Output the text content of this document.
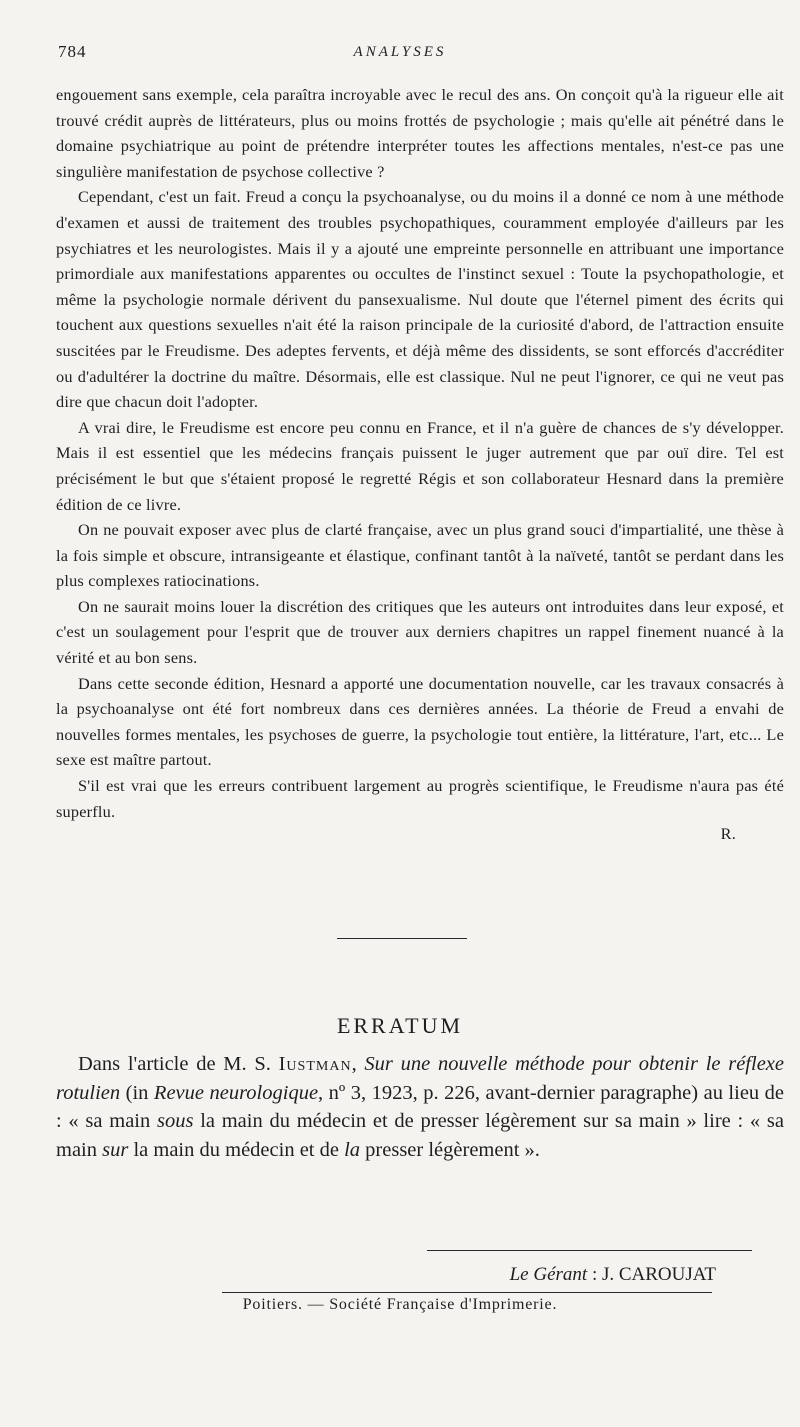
784	ANALYSES

engouement sans exemple, cela paraîtra incroyable avec le recul des ans. On conçoit qu'à la rigueur elle ait trouvé crédit auprès de littérateurs, plus ou moins frottés de psychologie ; mais qu'elle ait pénétré dans le domaine psychiatrique au point de prétendre interpréter toutes les affections mentales, n'est-ce pas une singulière manifestation de psychose collective ?

Cependant, c'est un fait. Freud a conçu la psychoanalyse, ou du moins il a donné ce nom à une méthode d'examen et aussi de traitement des troubles psychopathiques, couramment employée d'ailleurs par les psychiatres et les neurologistes. Mais il y a ajouté une empreinte personnelle en attribuant une importance primordiale aux manifestations apparentes ou occultes de l'instinct sexuel : Toute la psychopathologie, et même la psychologie normale dérivent du pansexualisme. Nul doute que l'éternel piment des écrits qui touchent aux questions sexuelles n'ait été la raison principale de la curiosité d'abord, de l'attraction ensuite suscitées par le Freudisme. Des adeptes fervents, et déjà même des dissidents, se sont efforcés d'accréditer ou d'adultérer la doctrine du maître. Désormais, elle est classique. Nul ne peut l'ignorer, ce qui ne veut pas dire que chacun doit l'adopter.

A vrai dire, le Freudisme est encore peu connu en France, et il n'a guère de chances de s'y développer. Mais il est essentiel que les médecins français puissent le juger autrement que par ouï dire. Tel est précisément le but que s'étaient proposé le regretté Régis et son collaborateur Hesnard dans la première édition de ce livre.

On ne pouvait exposer avec plus de clarté française, avec un plus grand souci d'impartialité, une thèse à la fois simple et obscure, intransigeante et élastique, confinant tantôt à la naïveté, tantôt se perdant dans les plus complexes ratiocinations.

On ne saurait moins louer la discrétion des critiques que les auteurs ont introduites dans leur exposé, et c'est un soulagement pour l'esprit que de trouver aux derniers chapitres un rappel finement nuancé à la vérité et au bon sens.

Dans cette seconde édition, Hesnard a apporté une documentation nouvelle, car les travaux consacrés à la psychoanalyse ont été fort nombreux dans ces dernières années. La théorie de Freud a envahi de nouvelles formes mentales, les psychoses de guerre, la psychologie tout entière, la littérature, l'art, etc... Le sexe est maître partout.

S'il est vrai que les erreurs contribuent largement au progrès scientifique, le Freudisme n'aura pas été superflu.

R.
ERRATUM

Dans l'article de M. S. Iustman, Sur une nouvelle méthode pour obtenir le réflexe rotulien (in Revue neurologique, nº 3, 1923, p. 226, avant-dernier paragraphe) au lieu de : « sa main sous la main du médecin et de presser légèrement sur sa main » lire : « sa main sur la main du médecin et de la presser légèrement ».

Le Gérant : J. CAROUJAT
Poitiers. — Société Française d'Imprimerie.
